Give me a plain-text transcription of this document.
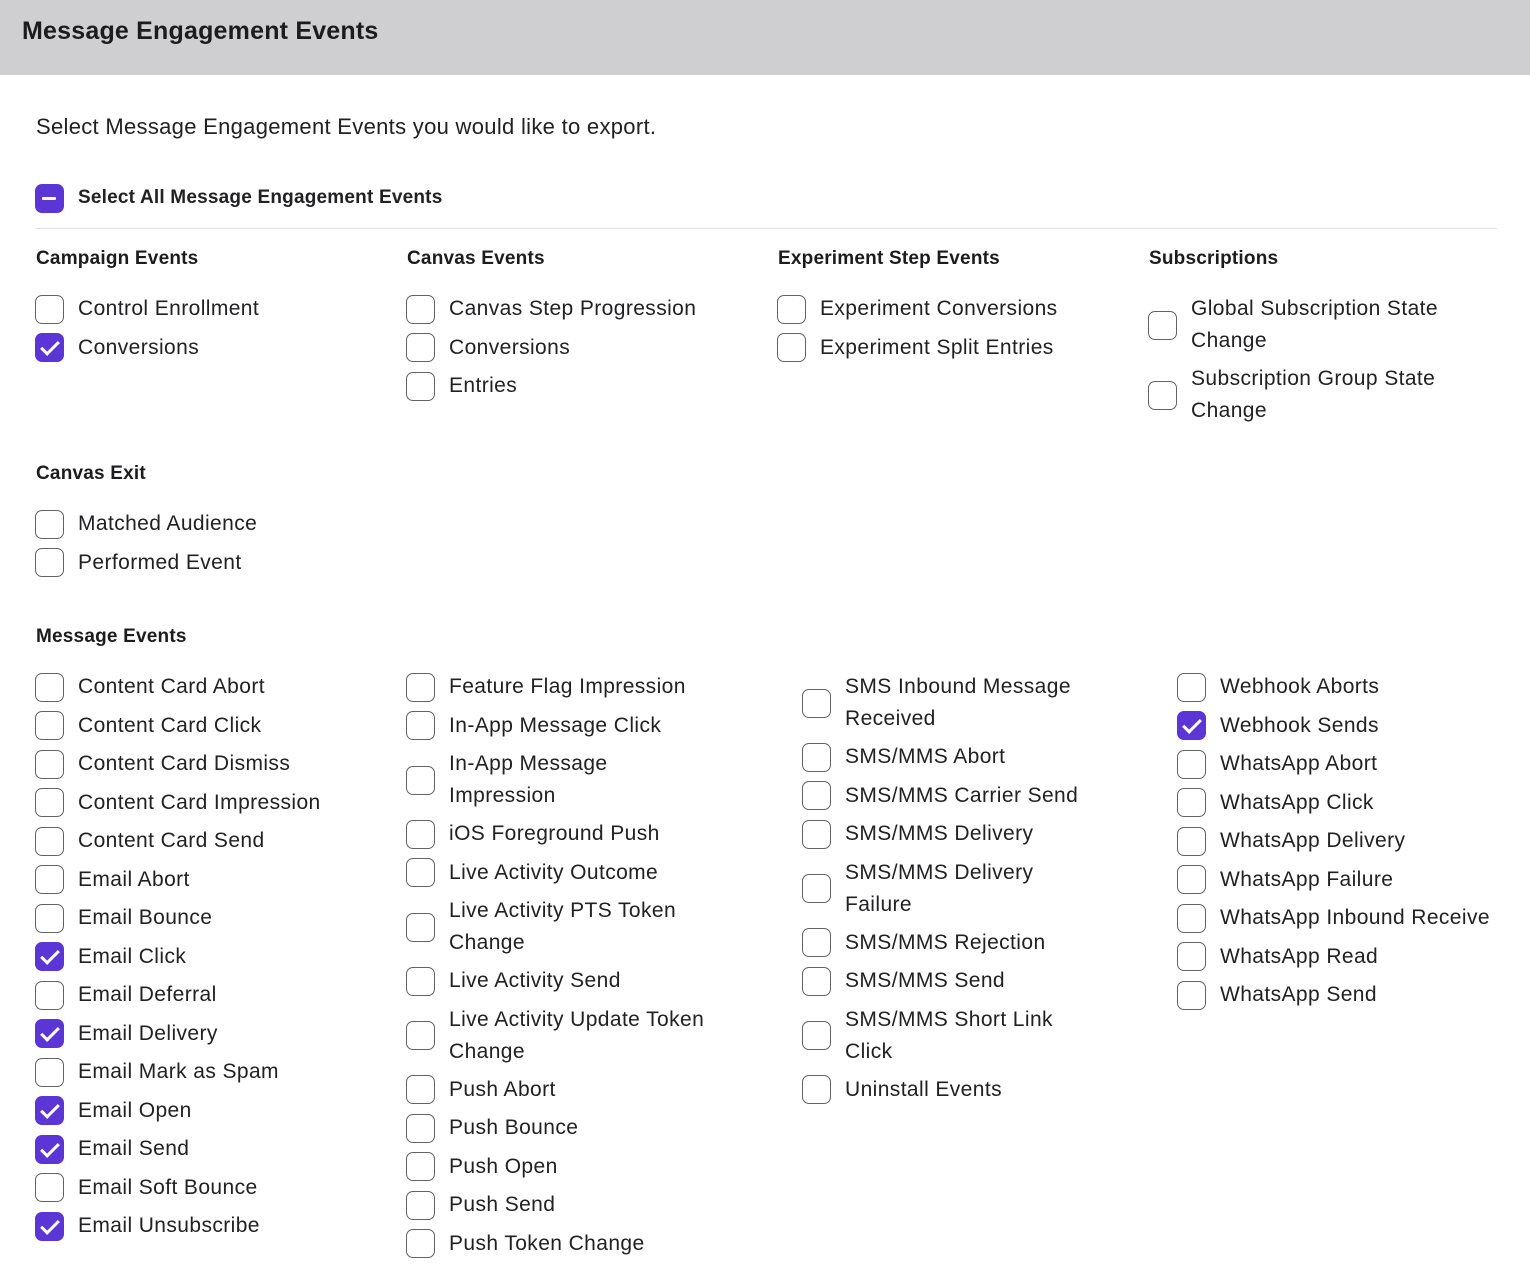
Message Engagement Events

Select Message Engagement Events you would like to export.

Select All Message Engagement Events
Campaign Events	Canvas Events	Experiment Step Events	Subscriptions
Canvas Exit
Message Events
Control Enrollment
Conversions
Canvas Step Progression
Conversions
Entries
Experiment Conversions
Experiment Split Entries
Global Subscription State Change
Subscription Group State Change
Matched Audience
Performed Event
Content Card Abort
Content Card Click
Content Card Dismiss
Content Card Impression
Content Card Send
Email Abort
Email Bounce
Email Click
Email Deferral
Email Delivery
Email Mark as Spam
Email Open
Email Send
Email Soft Bounce
Email Unsubscribe
Feature Flag Impression
In-App Message Click
In-App Message Impression
iOS Foreground Push
Live Activity Outcome
Live Activity PTS Token Change
Live Activity Send
Live Activity Update Token Change
Push Abort
Push Bounce
Push Open
Push Send
Push Token Change
SMS Inbound Message Received
SMS/MMS Abort
SMS/MMS Carrier Send
SMS/MMS Delivery
SMS/MMS Delivery Failure
SMS/MMS Rejection
SMS/MMS Send
SMS/MMS Short Link Click
Uninstall Events
Webhook Aborts
Webhook Sends
WhatsApp Abort
WhatsApp Click
WhatsApp Delivery
WhatsApp Failure
WhatsApp Inbound Receive
WhatsApp Read
WhatsApp Send
